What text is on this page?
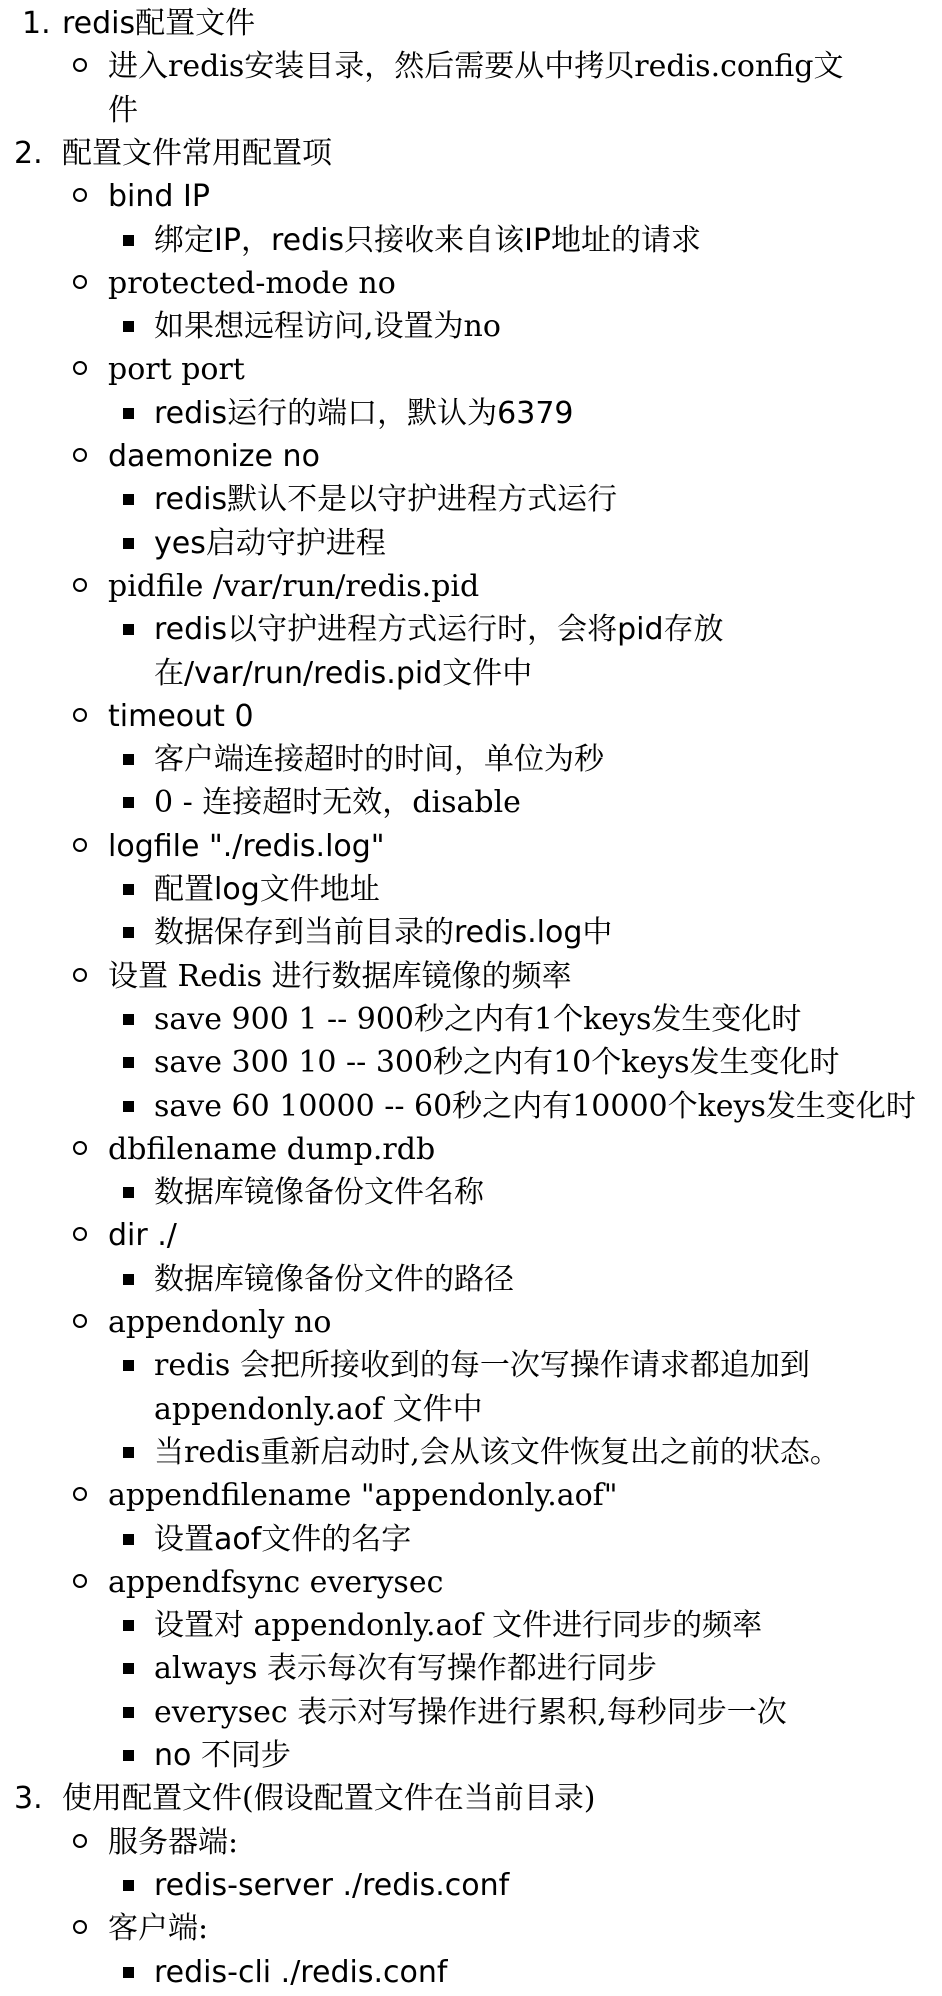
1. redis配置文件
进入redis安装目录，然后需要从中拷贝redis.config文
件
2. 配置文件常用配置项
bind IP
绑定IP，redis只接收来自该IP地址的请求
protected-mode no
如果想远程访问,设置为no
port port
redis运行的端口，默认为6379
daemonize no
redis默认不是以守护进程方式运行
yes启动守护进程
pidfile /var/run/redis.pid
redis以守护进程方式运行时，会将pid存放
在/var/run/redis.pid文件中
timeout 0
客户端连接超时的时间，单位为秒
0 - 连接超时无效，disable
logfile "./redis.log"
配置log文件地址
数据保存到当前目录的redis.log中
设置 Redis 进行数据库镜像的频率
save 900 1 -- 900秒之内有1个keys发生变化时
save 300 10 -- 300秒之内有10个keys发生变化时
save 60 10000 -- 60秒之内有10000个keys发生变化时
dbfilename dump.rdb
数据库镜像备份文件名称
dir ./
数据库镜像备份文件的路径
appendonly no
redis 会把所接收到的每一次写操作请求都追加到
appendonly.aof 文件中
当redis重新启动时,会从该文件恢复出之前的状态。
appendfilename "appendonly.aof"
设置aof文件的名字
appendfsync everysec
设置对 appendonly.aof 文件进行同步的频率
always 表示每次有写操作都进行同步
everysec 表示对写操作进行累积,每秒同步一次
no 不同步
3. 使用配置文件(假设配置文件在当前目录)
服务器端:
redis-server ./redis.conf
客户端:
redis-cli ./redis.conf
